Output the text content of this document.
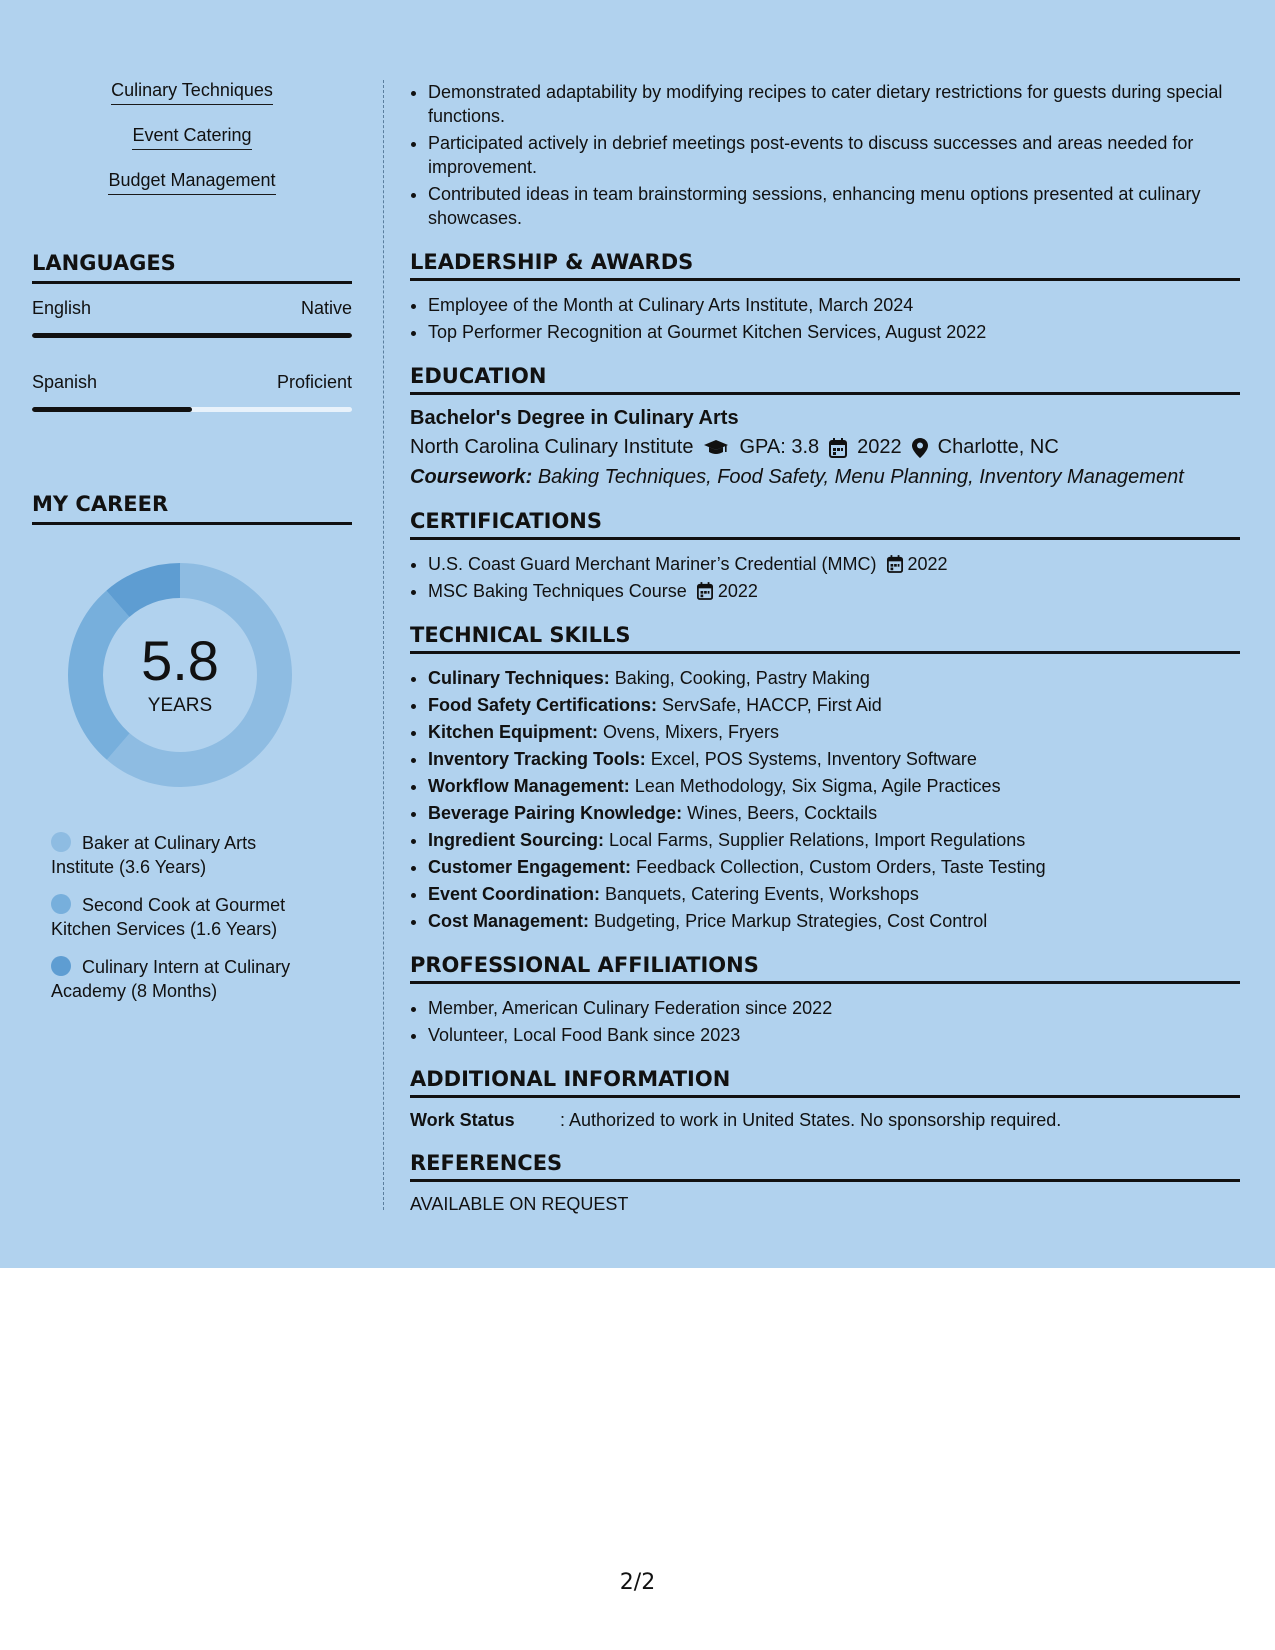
Culinary Techniques
Event Catering
Budget Management
LANGUAGES
English	Native
Spanish	Proficient
MY CAREER
5.8
YEARS
Baker at Culinary Arts Institute (3.6 Years)
Second Cook at Gourmet Kitchen Services (1.6 Years)
Culinary Intern at Culinary Academy (8 Months)
• Demonstrated adaptability by modifying recipes to cater dietary restrictions for guests during special functions.
• Participated actively in debrief meetings post-events to discuss successes and areas needed for improvement.
• Contributed ideas in team brainstorming sessions, enhancing menu options presented at culinary showcases.
LEADERSHIP & AWARDS
• Employee of the Month at Culinary Arts Institute, March 2024
• Top Performer Recognition at Gourmet Kitchen Services, August 2022
EDUCATION
Bachelor's Degree in Culinary Arts
North Carolina Culinary Institute GPA: 3.8 2022 Charlotte, NC
Coursework: Baking Techniques, Food Safety, Menu Planning, Inventory Management
CERTIFICATIONS
• U.S. Coast Guard Merchant Mariner’s Credential (MMC) 2022
• MSC Baking Techniques Course 2022
TECHNICAL SKILLS
• Culinary Techniques: Baking, Cooking, Pastry Making
• Food Safety Certifications: ServSafe, HACCP, First Aid
• Kitchen Equipment: Ovens, Mixers, Fryers
• Inventory Tracking Tools: Excel, POS Systems, Inventory Software
• Workflow Management: Lean Methodology, Six Sigma, Agile Practices
• Beverage Pairing Knowledge: Wines, Beers, Cocktails
• Ingredient Sourcing: Local Farms, Supplier Relations, Import Regulations
• Customer Engagement: Feedback Collection, Custom Orders, Taste Testing
• Event Coordination: Banquets, Catering Events, Workshops
• Cost Management: Budgeting, Price Markup Strategies, Cost Control
PROFESSIONAL AFFILIATIONS
• Member, American Culinary Federation since 2022
• Volunteer, Local Food Bank since 2023
ADDITIONAL INFORMATION
Work Status	: Authorized to work in United States. No sponsorship required.
REFERENCES
AVAILABLE ON REQUEST
2/2
